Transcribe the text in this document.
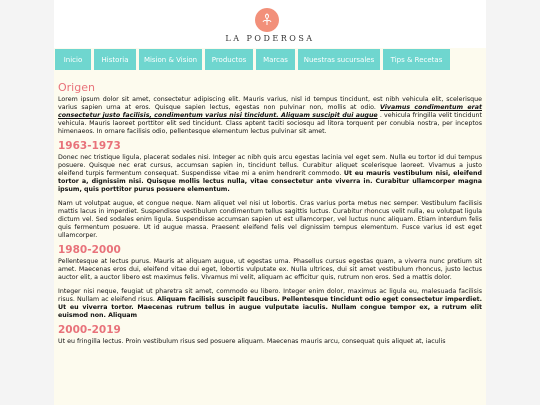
LA PODEROSA
Inicio	Historia	Mision & Vision	Productos	Marcas	Nuestras sucursales	Tips & Recetas
Origen

Lorem ipsum dolor sit amet, consectetur adipiscing elit. Mauris varius, nisl id tempus tincidunt, est nibh vehicula elit, scelerisque varius sapien urna at eros. Quisque sapien lectus, egestas non pulvinar non, mollis at odio. Vivamus condimentum erat consectetur justo facilisis, condimentum varius nisi tincidunt. Aliquam suscipit dui augue . vehicula fringilla velit tincidunt vehicula. Mauris laoreet porttitor elit sed tincidunt. Class aptent taciti sociosqu ad litora torquent per conubia nostra, per inceptos himenaeos. In ornare facilisis odio, pellentesque elementum lectus pulvinar sit amet.

1963-1973

Donec nec tristique ligula, placerat sodales nisi. Integer ac nibh quis arcu egestas lacinia vel eget sem. Nulla eu tortor id dui tempus posuere. Quisque nec erat cursus, accumsan sapien in, tincidunt tellus. Curabitur aliquet scelerisque laoreet. Vivamus a justo eleifend turpis fermentum consequat. Suspendisse vitae mi a enim hendrerit commodo. Ut eu mauris vestibulum nisi, eleifend tortor a, dignissim nisi. Quisque mollis lectus nulla, vitae consectetur ante viverra in. Curabitur ullamcorper magna ipsum, quis porttitor purus posuere elementum.

Nam ut volutpat augue, et congue neque. Nam aliquet vel nisi ut lobortis. Cras varius porta metus nec semper. Vestibulum facilisis mattis lacus in imperdiet. Suspendisse vestibulum condimentum tellus sagittis luctus. Curabitur rhoncus velit nulla, eu volutpat ligula dictum vel. Sed sodales enim ligula. Suspendisse accumsan sapien ut est ullamcorper, vel luctus nunc aliquam. Etiam interdum felis quis fermentum posuere. Ut id augue massa. Praesent eleifend felis vel dignissim tempus elementum. Fusce varius id est eget ullamcorper.

1980-2000

Pellentesque at lectus purus. Mauris at aliquam augue, ut egestas urna. Phasellus cursus egestas quam, a viverra nunc pretium sit amet. Maecenas eros dui, eleifend vitae dui eget, lobortis vulputate ex. Nulla ultrices, dui sit amet vestibulum rhoncus, justo lectus auctor elit, a auctor libero est maximus felis. Vivamus mi velit, aliquam ac efficitur quis, rutrum non eros. Sed a mattis dolor.

Integer nisi neque, feugiat ut pharetra sit amet, commodo eu libero. Integer enim dolor, maximus ac ligula eu, malesuada facilisis risus. Nullam ac eleifend risus. Aliquam facilisis suscipit faucibus. Pellentesque tincidunt odio eget consectetur imperdiet. Ut eu viverra tortor. Maecenas rutrum tellus in augue vulputate iaculis. Nullam congue tempor ex, a rutrum elit euismod non. Aliquam

2000-2019

Ut eu fringilla lectus. Proin vestibulum risus sed posuere aliquam. Maecenas mauris arcu, consequat quis aliquet at, iaculis
